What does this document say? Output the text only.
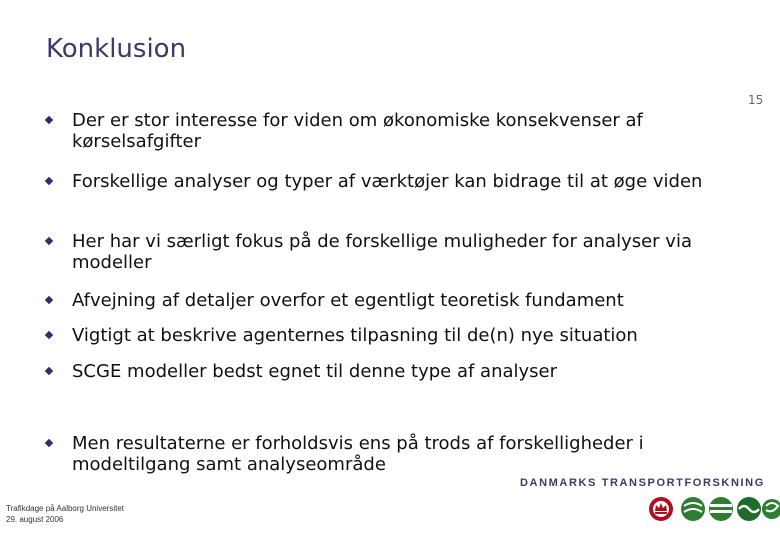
Konklusion
15
Der er stor interesse for viden om økonomiske konsekvenser af kørselsafgifter
Forskellige analyser og typer af værktøjer kan bidrage til at øge viden
Her har vi særligt fokus på de forskellige muligheder for analyser via modeller
Afvejning af detaljer overfor et egentligt teoretisk fundament
Vigtigt at beskrive agenternes tilpasning til de(n) nye situation
SCGE modeller bedst egnet til denne type af analyser
Men resultaterne er forholdsvis ens på trods af forskelligheder i modeltilgang samt analyseområde
Trafikdage på Aalborg Universitet
29. august 2006
DANMARKS TRANSPORTFORSKNING
